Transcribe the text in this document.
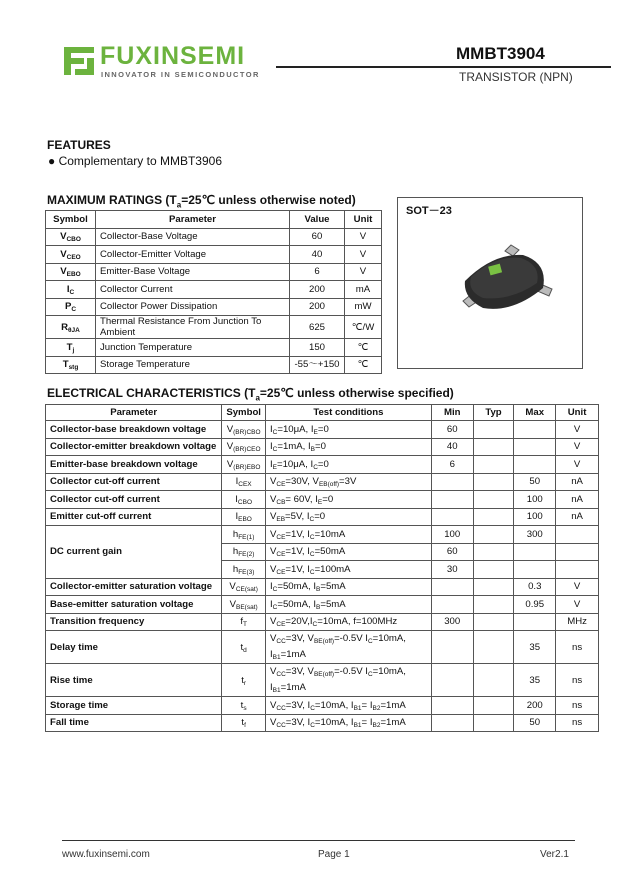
FUXINSEMI
INNOVATOR IN SEMICONDUCTOR
MMBT3904
TRANSISTOR (NPN)
FEATURES
● Complementary to MMBT3906
MAXIMUM RATINGS ($T_a=25℃$ unless otherwise noted)
Symbol	Parameter	Value	Unit
$V_{CBO}$	Collector-Base Voltage	60	V
$V_{CEO}$	Collector-Emitter Voltage	40	V
$V_{EBO}$	Emitter-Base Voltage	6	V
$I_C$	Collector Current	200	mA
$P_C$	Collector Power Dissipation	200	mW
$R_{\theta JA}$	Thermal Resistance From Junction To Ambient	625	℃/W
$T_j$	Junction Temperature	150	℃
$T_{stg}$	Storage Temperature	-55～+150	℃
SOT－23
ELECTRICAL CHARACTERISTICS ($T_a=25℃$ unless otherwise specified)
Parameter	Symbol	Test conditions	Min	Typ	Max	Unit
Collector-base breakdown voltage	$V_{(BR)CBO}$	$I_C=10\mu A$, $I_E=0$	60			V
Collector-emitter breakdown voltage	$V_{(BR)CEO}$	$I_C=1mA$, $I_B=0$	40			V
Emitter-base breakdown voltage	$V_{(BR)EBO}$	$I_E=10\mu A$, $I_C=0$	6			V
Collector cut-off current	$I_{CEX}$	$V_{CE}=30V$, $V_{EB(off)}=3V$			50	nA
Collector cut-off current	$I_{CBO}$	$V_{CB}= 60V$, $I_E=0$			100	nA
Emitter cut-off current	$I_{EBO}$	$V_{EB}=5V$, $I_C=0$			100	nA
DC current gain	$h_{FE(1)}$	$V_{CE}=1V$, $I_C=10mA$	100		300	
	$h_{FE(2)}$	$V_{CE}=1V$, $I_C=50mA$	60			
	$h_{FE(3)}$	$V_{CE}=1V$, $I_C=100mA$	30			
Collector-emitter saturation voltage	$V_{CE(sat)}$	$I_C=50mA$, $I_B=5mA$			0.3	V
Base-emitter saturation voltage	$V_{BE(sat)}$	$I_C=50mA$, $I_B=5mA$			0.95	V
Transition frequency	$f_T$	$V_{CE}=20V,I_C=10mA$, f=100MHz	300			MHz
Delay time	$t_d$	$V_{CC}=3V$, $V_{BE(off)}=-0.5V$ $I_C=10mA$, $I_{B1}=1mA$			35	ns
Rise time	$t_r$	$V_{CC}=3V$, $V_{BE(off)}=-0.5V$ $I_C=10mA$, $I_{B1}=1mA$			35	ns
Storage time	$t_s$	$V_{CC}=3V$, $I_C=10mA$, $I_{B1}= I_{B2}=1mA$			200	ns
Fall time	$t_f$	$V_{CC}=3V$, $I_C=10mA$, $I_{B1}= I_{B2}=1mA$			50	ns
www.fuxinsemi.com	Page 1	Ver2.1
